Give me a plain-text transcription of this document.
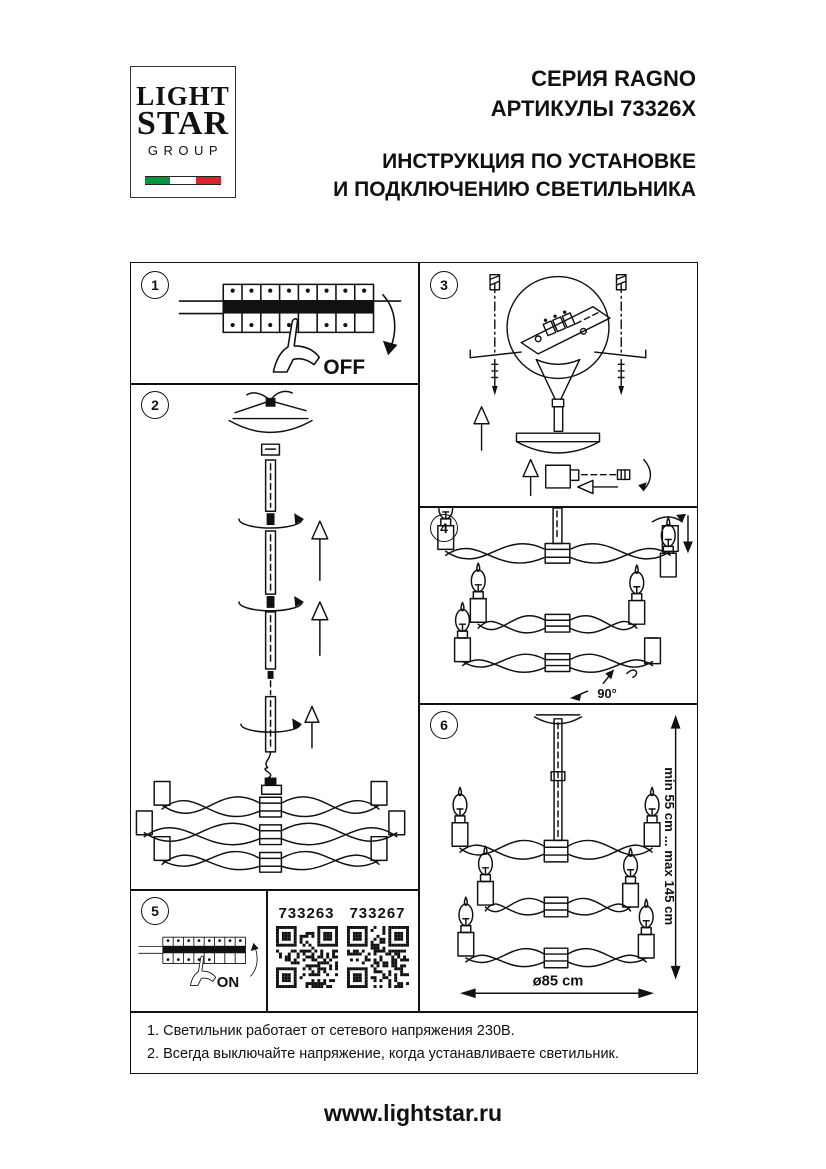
LIGHT
STAR
GROUP
СЕРИЯ RAGNO
АРТИКУЛЫ 73326X
ИНСТРУКЦИЯ ПО УСТАНОВКЕ
И ПОДКЛЮЧЕНИЮ СВЕТИЛЬНИКА
1
OFF
2
5
ON
733263 733267
3
4
90°
6
min 55 cm ... max 145 cm
ø85 cm
1. Светильник работает от сетевого напряжения 230В.
2. Всегда выключайте напряжение, когда устанавливаете светильник.
www.lightstar.ru
